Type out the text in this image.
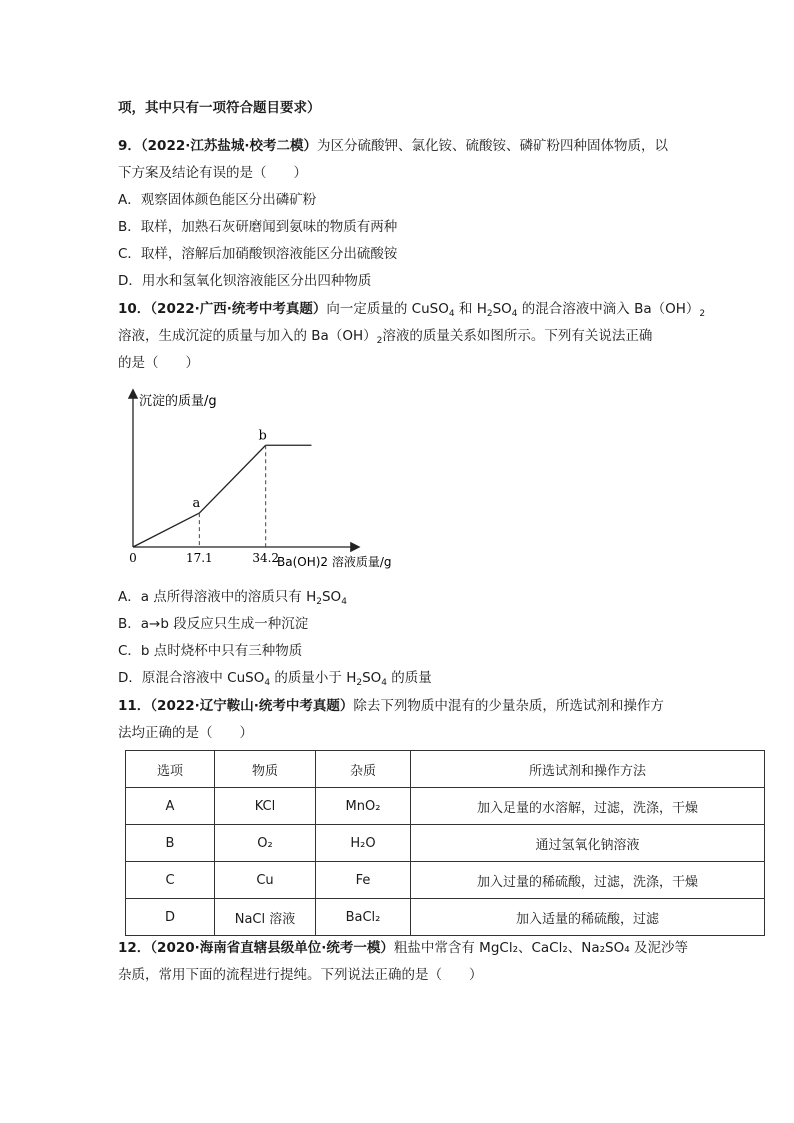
项，其中只有一项符合题目要求）
9．（2022·江苏盐城·校考二模）为区分硫酸钾、氯化铵、硫酸铵、磷矿粉四种固体物质，以
下方案及结论有误的是（　　）
A．观察固体颜色能区分出磷矿粉
B．取样，加熟石灰研磨闻到氨味的物质有两种
C．取样，溶解后加硝酸钡溶液能区分出硫酸铵
D．用水和氢氧化钡溶液能区分出四种物质
10．（2022·广西·统考中考真题）向一定质量的 CuSO$_4$ 和 $H_2SO_4$ 的混合溶液中滴入 $Ba(OH)_2$
溶液，生成沉淀的质量与加入的 $Ba(OH)_2$溶液的质量关系如图所示。下列有关说法正确
的是（　　）
沉淀的质量/g
0	Ba(OH)2 溶液质量/g
a
b
17.1	34.2
A．a 点所得溶液中的溶质只有 $H_2SO_4$
B．a→b 段反应只生成一种沉淀
C．b 点时烧杯中只有三种物质
D．原混合溶液中 CuSO$_4$ 的质量小于 $H_2SO_4$ 的质量
11．（2022·辽宁鞍山·统考中考真题）除去下列物质中混有的少量杂质，所选试剂和操作方
法均正确的是（　　）
选项	物质	杂质	所选试剂和操作方法
A	KCl	MnO₂	加入足量的水溶解，过滤，洗涤，干燥
B	O₂	H₂O	通过氢氧化钠溶液
C	Cu	Fe	加入过量的稀硫酸，过滤，洗涤，干燥
D	NaCl 溶液	BaCl₂	加入适量的稀硫酸，过滤
12．（2020·海南省直辖县级单位·统考一模）粗盐中常含有 MgCl₂、CaCl₂、Na₂SO₄ 及泥沙等
杂质，常用下面的流程进行提纯。下列说法正确的是（　　）
